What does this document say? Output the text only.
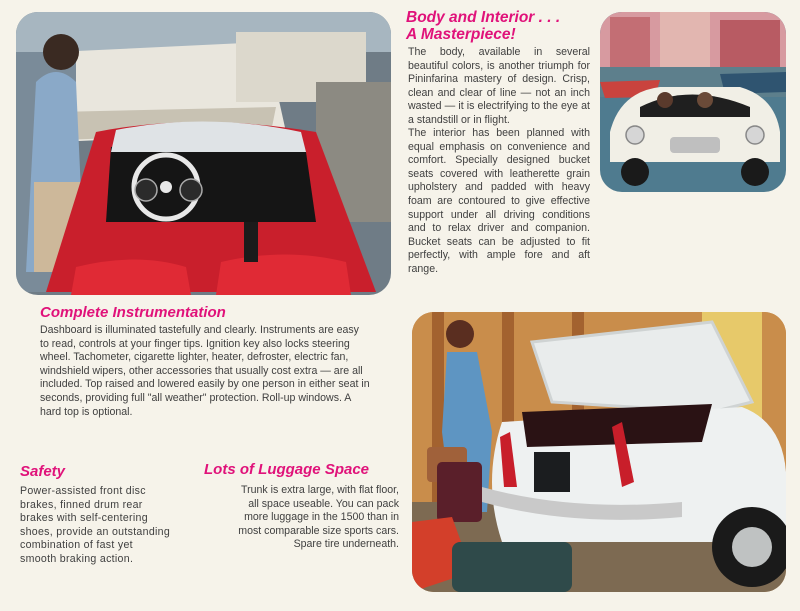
Body and Interior . . .
A Masterpiece!

The body, available in several beautiful colors, is another triumph for Pininfarina mastery of design. Crisp, clean and clear of line — not an inch wasted — it is electrifying to the eye at a standstill or in flight.

The interior has been planned with equal emphasis on convenience and comfort. Specially designed bucket seats covered with leatherette grain upholstery and padded with heavy foam are contoured to give effective support under all driving conditions and to relax driver and companion. Bucket seats can be adjusted to fit perfectly, with ample fore and aft range.

Complete Instrumentation

Dashboard is illuminated tastefully and clearly. Instruments are easy to read, controls at your finger tips. Ignition key also locks steering wheel. Tachometer, cigarette lighter, heater, defroster, electric fan, windshield wipers, other accessories that usually cost extra — are all included. Top raised and lowered easily by one person in either seat in seconds, providing full "all weather" protection. Roll-up windows. A hard top is optional.

Safety

Power-assisted front disc brakes, finned drum rear brakes with self-centering shoes, provide an outstanding combination of fast yet smooth braking action.

Lots of Luggage Space

Trunk is extra large, with flat floor, all space useable. You can pack more luggage in the 1500 than in most comparable size sports cars. Spare tire underneath.
